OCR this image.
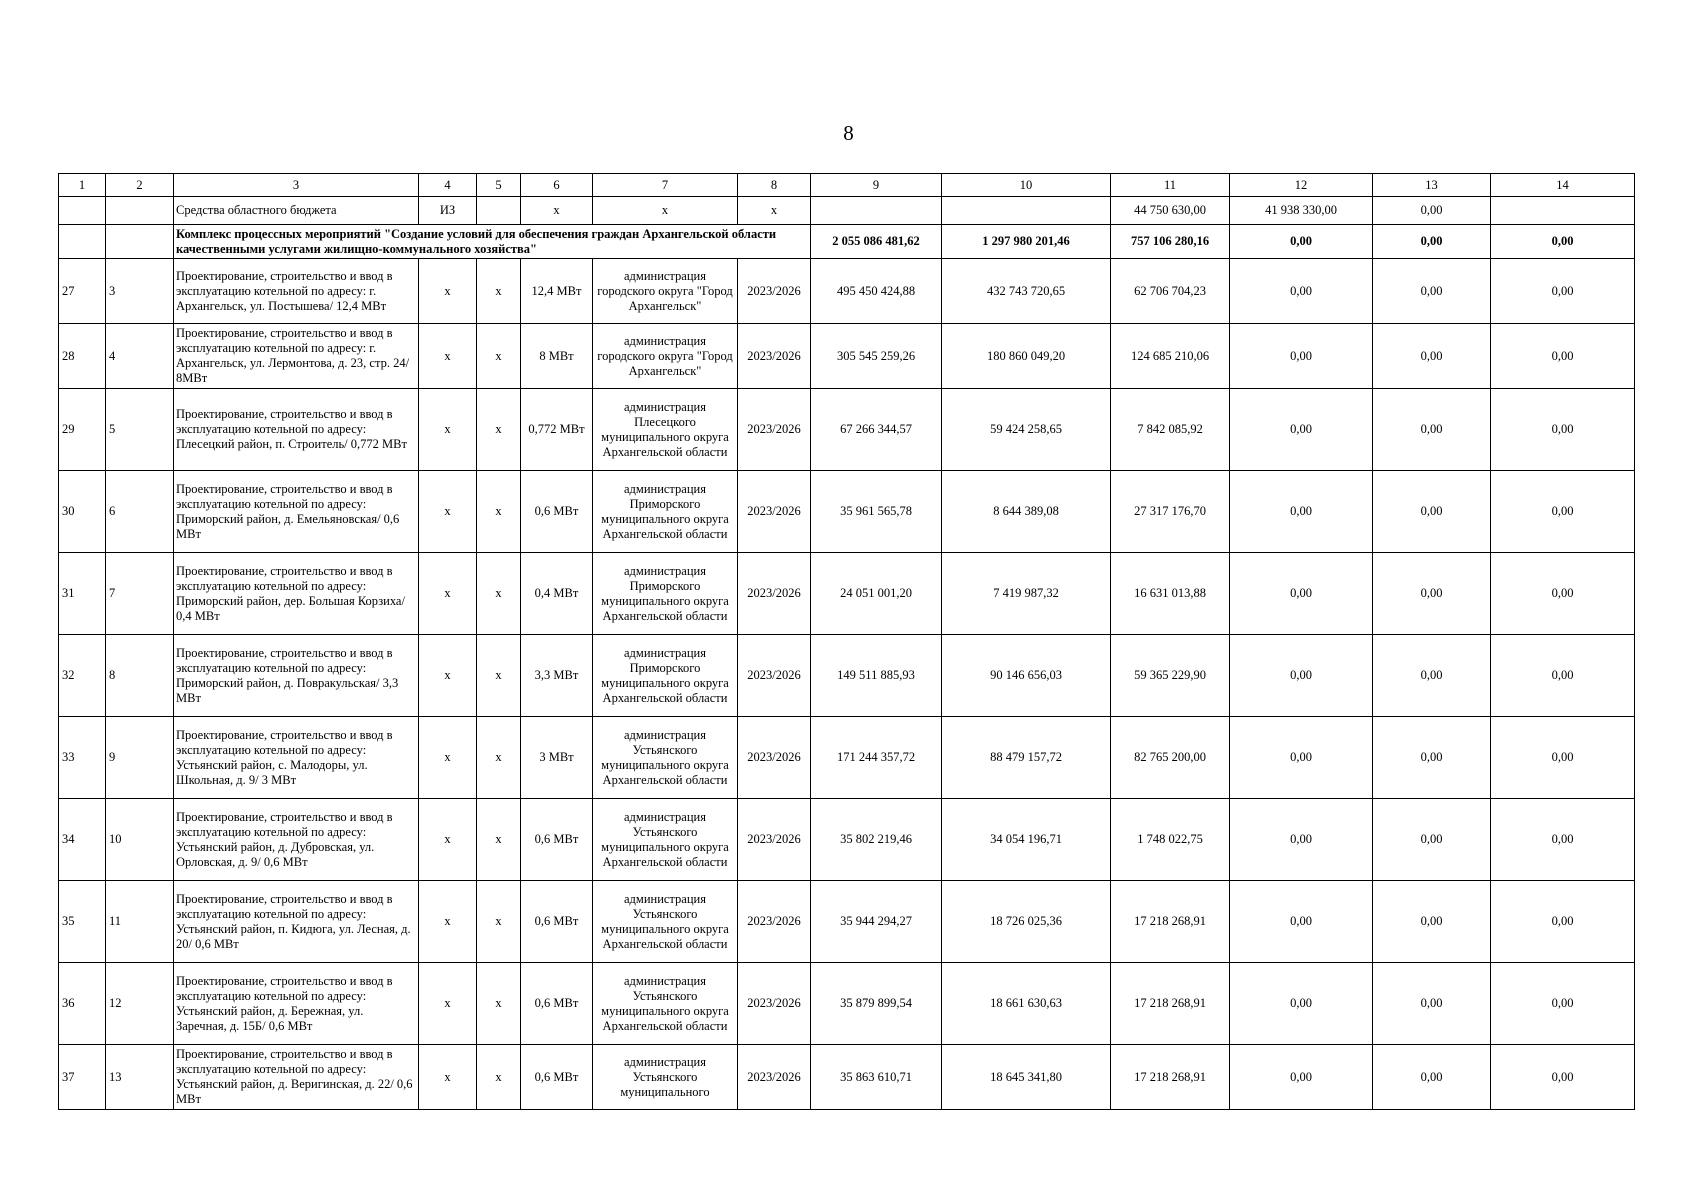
8
1	2	3	4	5	6	7	8	9	10	11	12	13	14
		Средства областного бюджета	ИЗ		x	x	x			44 750 630,00	41 938 330,00	0,00	
		Комплекс процессных мероприятий "Создание условий для обеспечения граждан Архангельской области качественными услугами жилищно-коммунального хозяйства"						2 055 086 481,62	1 297 980 201,46	757 106 280,16	0,00	0,00	0,00
27	3	Проектирование, строительство и ввод в эксплуатацию котельной по адресу: г. Архангельск, ул. Постышева/ 12,4 МВт	x	x	12,4 МВт	администрация городского округа "Город Архангельск"	2023/2026	495 450 424,88	432 743 720,65	62 706 704,23	0,00	0,00	0,00
28	4	Проектирование, строительство и ввод в эксплуатацию котельной по адресу: г. Архангельск, ул. Лермонтова, д. 23, стр. 24/ 8МВт	x	x	8 МВт	администрация городского округа "Город Архангельск"	2023/2026	305 545 259,26	180 860 049,20	124 685 210,06	0,00	0,00	0,00
29	5	Проектирование, строительство и ввод в эксплуатацию котельной по адресу: Плесецкий район, п. Строитель/ 0,772 МВт	x	x	0,772 МВт	администрация Плесецкого муниципального округа Архангельской области	2023/2026	67 266 344,57	59 424 258,65	7 842 085,92	0,00	0,00	0,00
30	6	Проектирование, строительство и ввод в эксплуатацию котельной по адресу: Приморский район, д. Емельяновская/ 0,6 МВт	x	x	0,6 МВт	администрация Приморского муниципального округа Архангельской области	2023/2026	35 961 565,78	8 644 389,08	27 317 176,70	0,00	0,00	0,00
31	7	Проектирование, строительство и ввод в эксплуатацию котельной по адресу: Приморский район, дер. Большая Корзиха/ 0,4 МВт	x	x	0,4 МВт	администрация Приморского муниципального округа Архангельской области	2023/2026	24 051 001,20	7 419 987,32	16 631 013,88	0,00	0,00	0,00
32	8	Проектирование, строительство и ввод в эксплуатацию котельной по адресу: Приморский район, д. Повракульская/ 3,3 МВт	x	x	3,3 МВт	администрация Приморского муниципального округа Архангельской области	2023/2026	149 511 885,93	90 146 656,03	59 365 229,90	0,00	0,00	0,00
33	9	Проектирование, строительство и ввод в эксплуатацию котельной по адресу: Устьянский район, с. Малодоры, ул. Школьная, д. 9/ 3 МВт	x	x	3 МВт	администрация Устьянского муниципального округа Архангельской области	2023/2026	171 244 357,72	88 479 157,72	82 765 200,00	0,00	0,00	0,00
34	10	Проектирование, строительство и ввод в эксплуатацию котельной по адресу: Устьянский район, д. Дубровская, ул. Орловская, д. 9/ 0,6 МВт	x	x	0,6 МВт	администрация Устьянского муниципального округа Архангельской области	2023/2026	35 802 219,46	34 054 196,71	1 748 022,75	0,00	0,00	0,00
35	11	Проектирование, строительство и ввод в эксплуатацию котельной по адресу: Устьянский район, п. Кидюга, ул. Лесная, д. 20/ 0,6 МВт	x	x	0,6 МВт	администрация Устьянского муниципального округа Архангельской области	2023/2026	35 944 294,27	18 726 025,36	17 218 268,91	0,00	0,00	0,00
36	12	Проектирование, строительство и ввод в эксплуатацию котельной по адресу: Устьянский район, д. Бережная, ул. Заречная, д. 15Б/ 0,6 МВт	x	x	0,6 МВт	администрация Устьянского муниципального округа Архангельской области	2023/2026	35 879 899,54	18 661 630,63	17 218 268,91	0,00	0,00	0,00
37	13	Проектирование, строительство и ввод в эксплуатацию котельной по адресу: Устьянский район, д. Веригинская, д. 22/ 0,6 МВт	x	x	0,6 МВт	администрация Устьянского муниципального	2023/2026	35 863 610,71	18 645 341,80	17 218 268,91	0,00	0,00	0,00
